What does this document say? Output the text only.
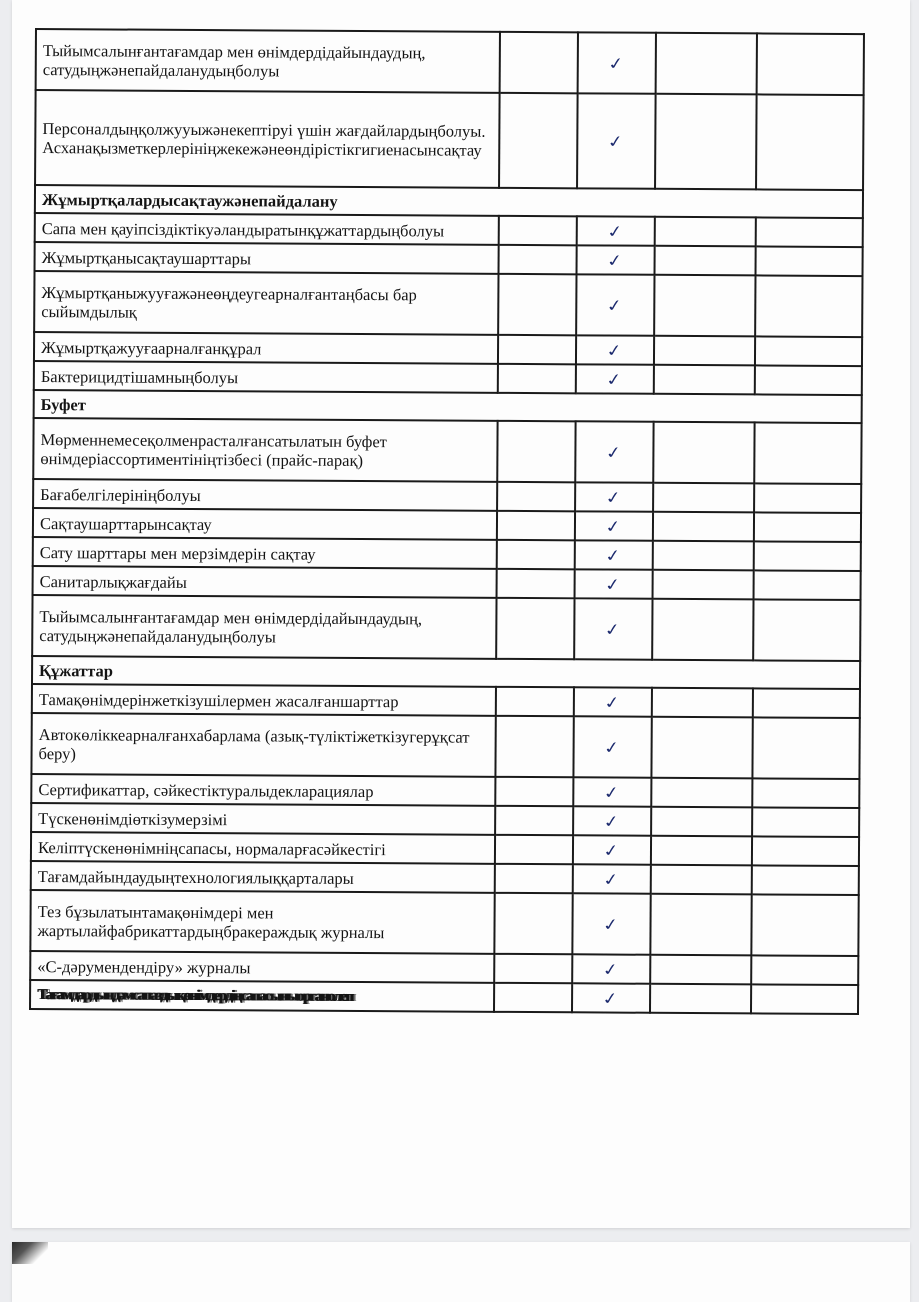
Тыйымсалынғантағамдар мен өнімдердідайындаудың, сатудыңжәнепайдаланудыңболуы		✓		
Персоналдыңқолжууыжәнекептіруі үшін жағдайлардыңболуы. Асханақызметкерлерініңжекежәнеөндірістікгигиенасынсақтау		✓		
Жұмыртқалардысақтаужәнепайдалану				
Сапа мен қауіпсіздіктікуәландыратынқұжаттардыңболуы		✓		
Жұмыртқанысақтаушарттары		✓		
Жұмыртқаныжууғажәнеөңдеугеарналғантаңбасы бар сыйымдылық		✓		
Жұмыртқажууғаарналғанқұрал		✓		
Бактерицидтішамныңболуы		✓		
Буфет				
Мөрменнемесеқолменрасталғансатылатын буфет өнімдеріассортиментініңтізбесі (прайс-парақ)		✓		
Бағабелгілерініңболуы		✓		
Сақтаушарттарынсақтау		✓		
Сату шарттары мен мерзімдерін сақтау		✓		
Санитарлықжағдайы		✓		
Тыйымсалынғантағамдар мен өнімдердідайындаудың, сатудыңжәнепайдаланудыңболуы		✓		
Құжаттар				
Тамақөнімдерінжеткізушілермен жасалғаншарттар		✓		
Автокөліккеарналғанхабарлама (азық-түліктіжеткізугерұқсат беру)		✓		
Сертификаттар, сәйкестіктуралыдекларациялар		✓		
Түскенөнімдіөткізумерзімі		✓		
Келіптүскенөнімніңсапасы, нормаларғасәйкестігі		✓		
Тағамдайындаудыңтехнологиялыққарталары		✓		
Тез бұзылатынтамақөнімдері мен жартылайфабрикаттардыңбракераждық журналы		✓		
«С-дәрумендендіру» журналы		✓		
Тағамдардыңдәмсапаздықөнімдердіңсапасыныорганолеп		✓		
